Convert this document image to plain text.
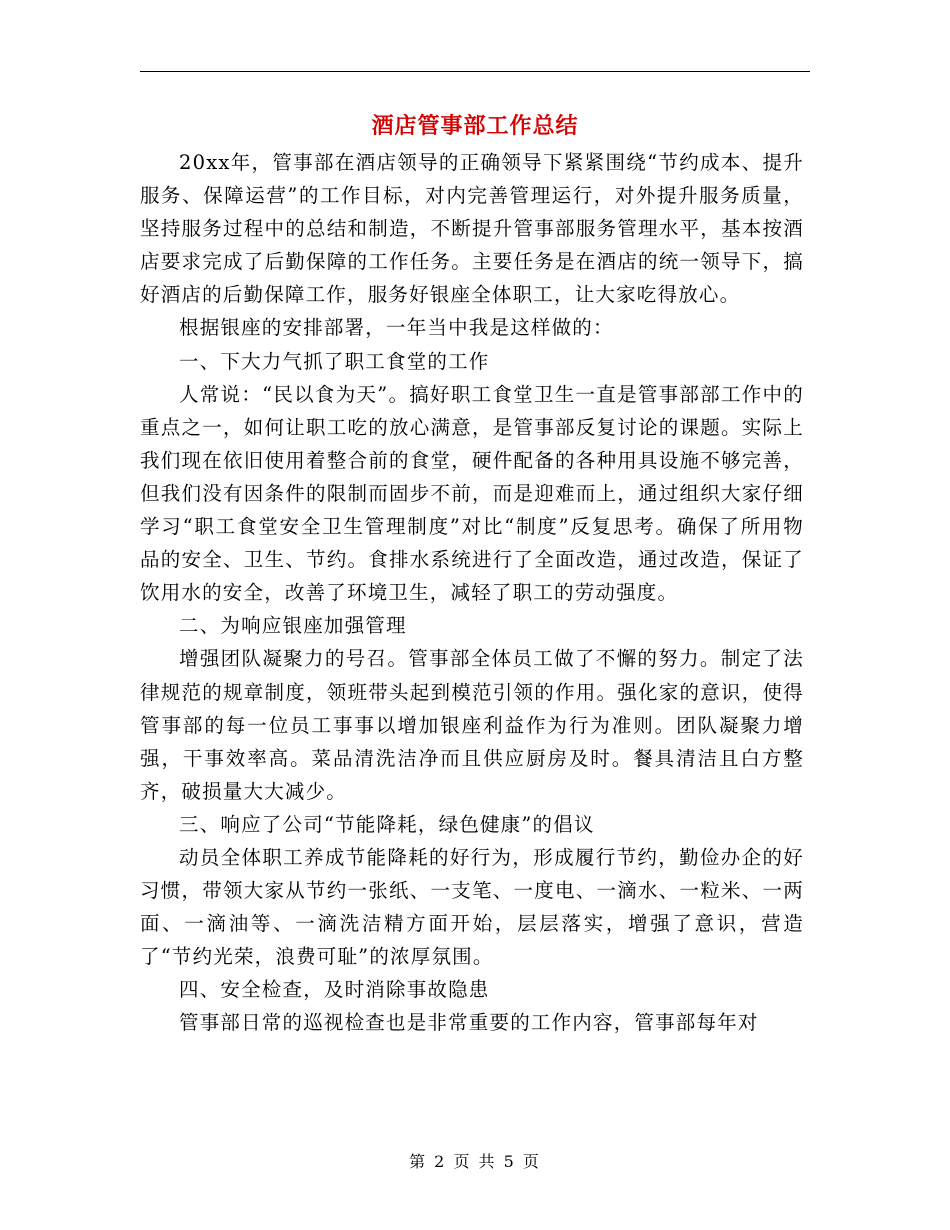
酒店管事部工作总结

20xx年，管事部在酒店领导的正确领导下紧紧围绕“节约成本、提升服务、保障运营”的工作目标，对内完善管理运行，对外提升服务质量，坚持服务过程中的总结和制造，不断提升管事部服务管理水平，基本按酒店要求完成了后勤保障的工作任务。主要任务是在酒店的统一领导下，搞好酒店的后勤保障工作，服务好银座全体职工，让大家吃得放心。

根据银座的安排部署，一年当中我是这样做的：

一、下大力气抓了职工食堂的工作

人常说：“民以食为天”。搞好职工食堂卫生一直是管事部部工作中的重点之一，如何让职工吃的放心满意，是管事部反复讨论的课题。实际上我们现在依旧使用着整合前的食堂，硬件配备的各种用具设施不够完善，但我们没有因条件的限制而固步不前，而是迎难而上，通过组织大家仔细学习“职工食堂安全卫生管理制度”对比“制度”反复思考。确保了所用物品的安全、卫生、节约。食排水系统进行了全面改造，通过改造，保证了饮用水的安全，改善了环境卫生，减轻了职工的劳动强度。

二、为响应银座加强管理

增强团队凝聚力的号召。管事部全体员工做了不懈的努力。制定了法律规范的规章制度，领班带头起到模范引领的作用。强化家的意识，使得管事部的每一位员工事事以增加银座利益作为行为准则。团队凝聚力增强，干事效率高。菜品清洗洁净而且供应厨房及时。餐具清洁且白方整齐，破损量大大减少。

三、响应了公司“节能降耗，绿色健康”的倡议

动员全体职工养成节能降耗的好行为，形成履行节约，勤俭办企的好习惯，带领大家从节约一张纸、一支笔、一度电、一滴水、一粒米、一两面、一滴油等、一滴洗洁精方面开始，层层落实，增强了意识，营造了“节约光荣，浪费可耻”的浓厚氛围。

四、安全检查，及时消除事故隐患

管事部日常的巡视检查也是非常重要的工作内容，管事部每年对

第 2 页 共 5 页
